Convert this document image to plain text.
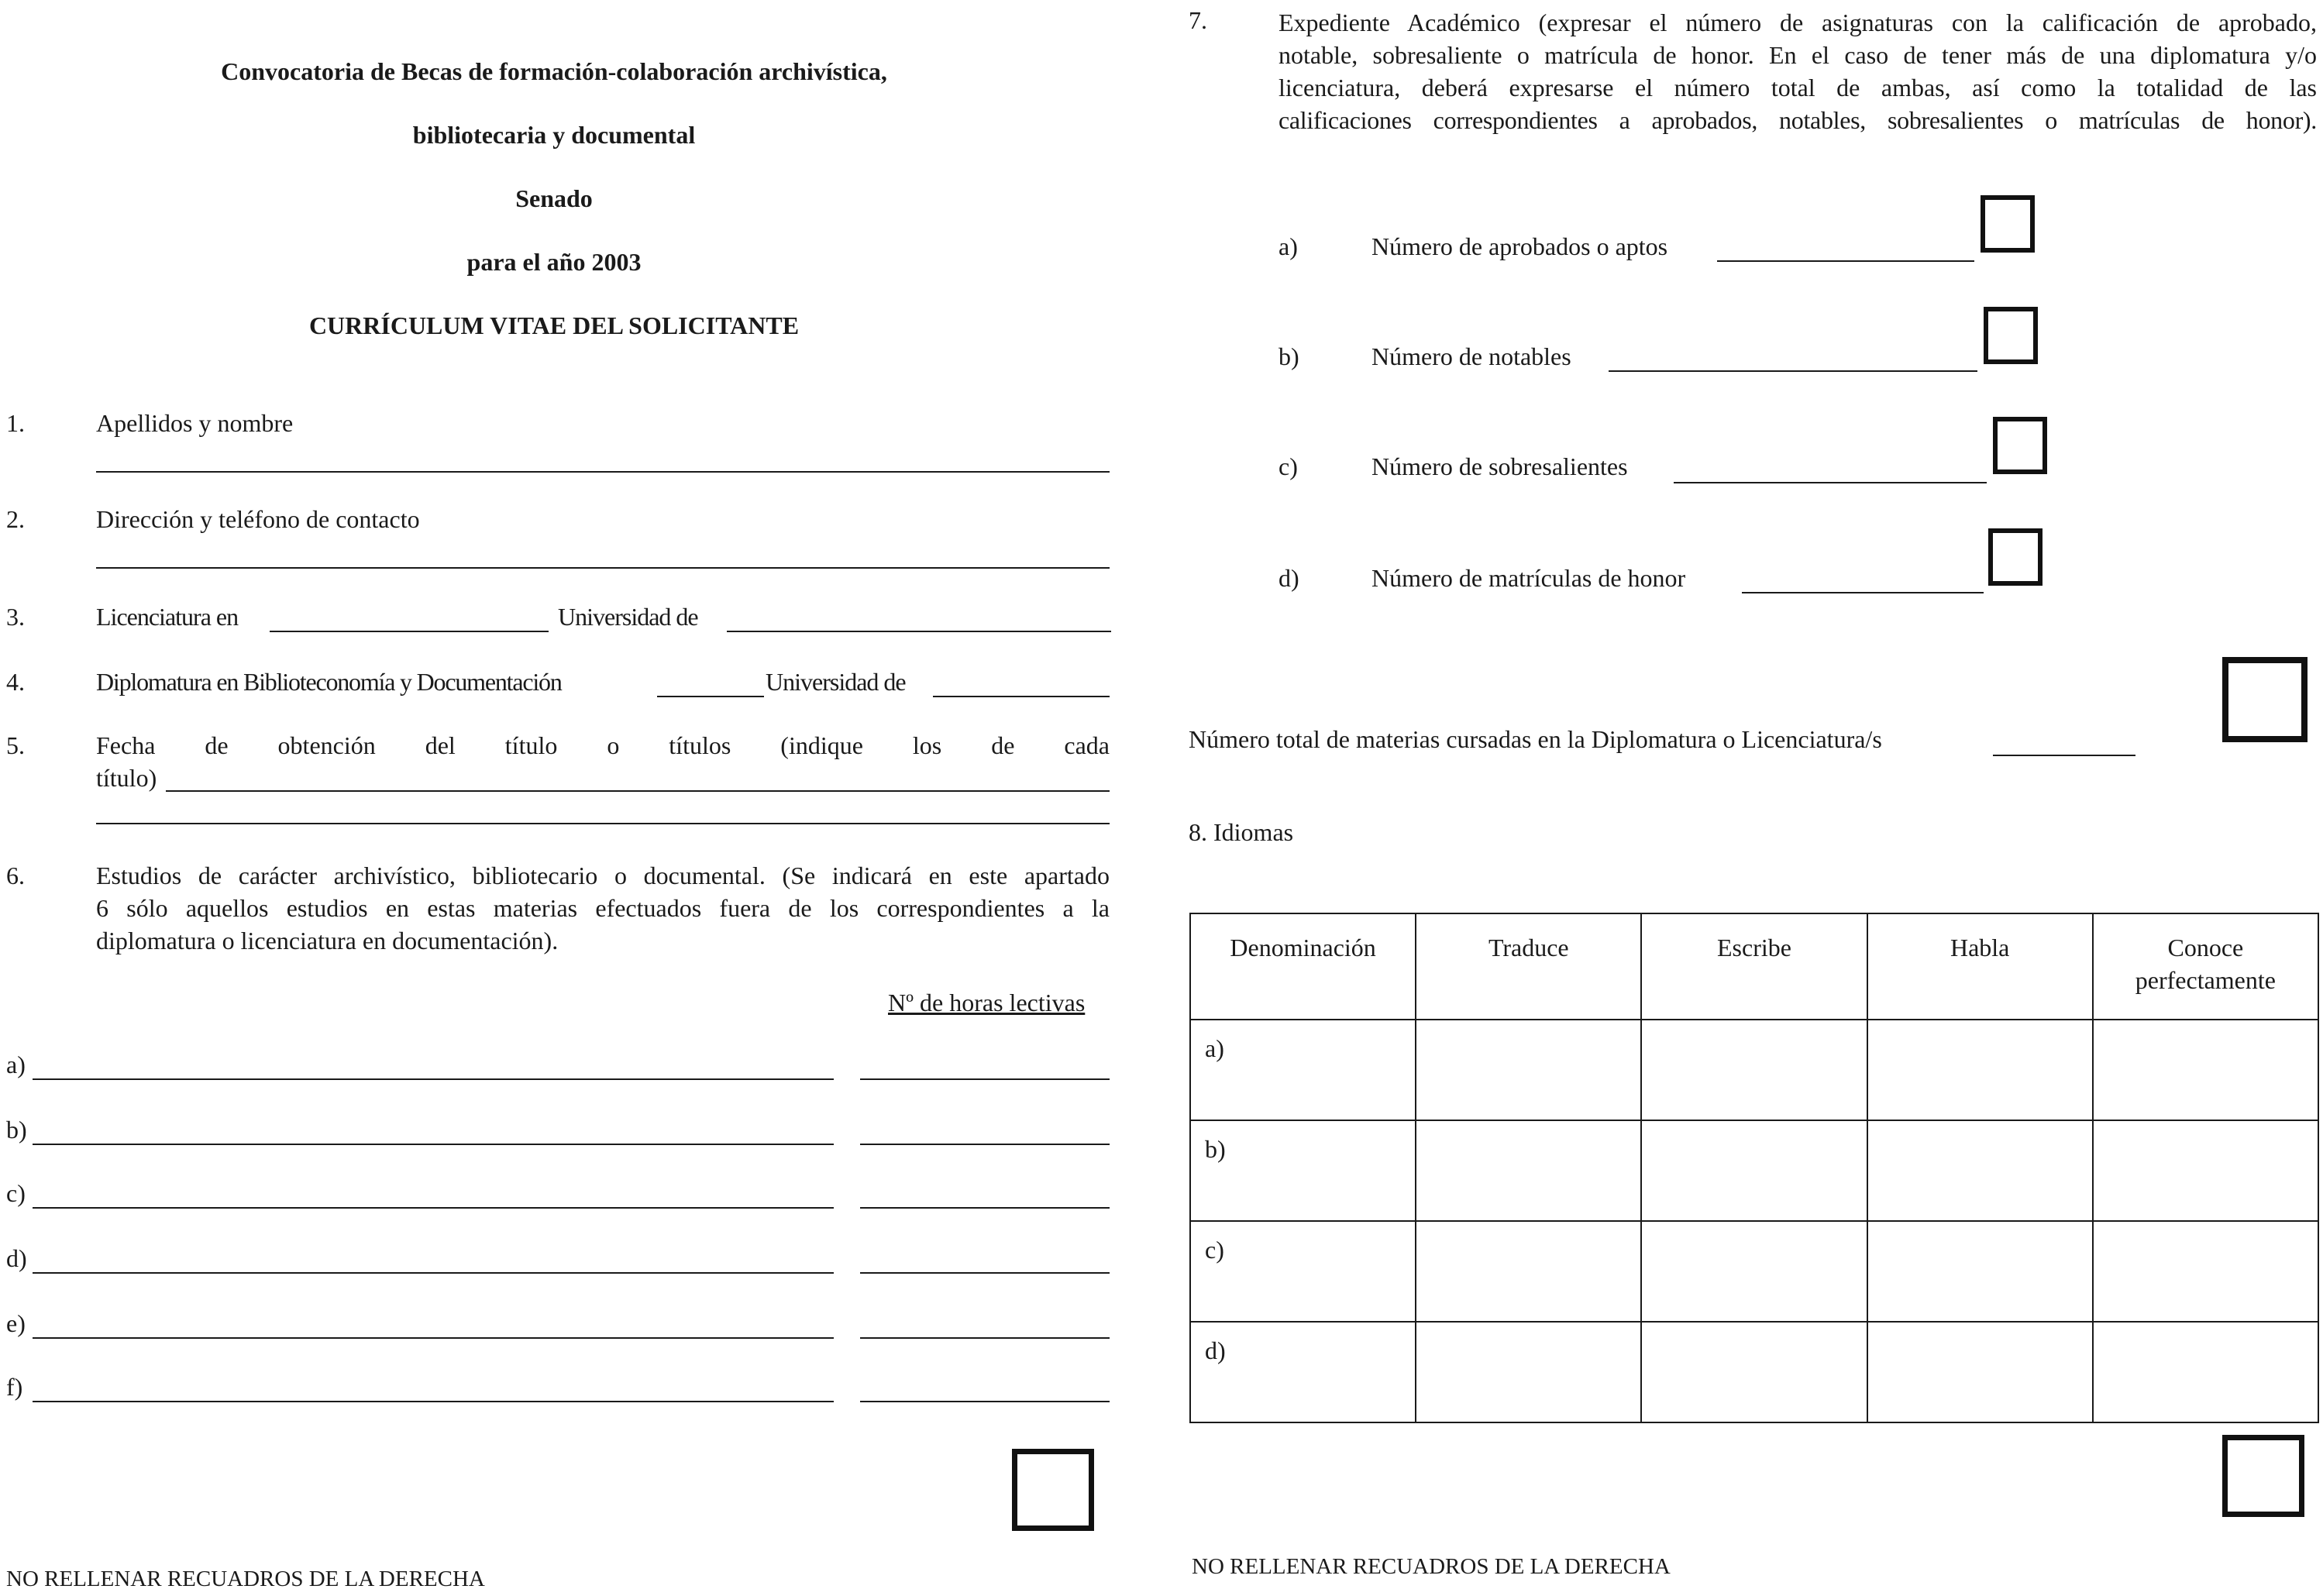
Convocatoria de Becas de formación-colaboración archivística,
bibliotecaria y documental
Senado
para el año 2003
CURRÍCULUM VITAE DEL SOLICITANTE
1.	Apellidos y nombre
2.	Dirección y teléfono de contacto
3.	Licenciatura en	Universidad de
4.	Diplomatura en Biblioteconomía y Documentación	Universidad de
5.	Fecha de obtención del título o títulos (indique los de cada
título)
6.	Estudios de carácter archivístico, bibliotecario o documental. (Se indicará en este apartado
6 sólo aquellos estudios en estas materias efectuados fuera de los correspondientes a la
diplomatura o licenciatura en documentación).
Nº de horas lectivas
a)
b)
c)
d)
e)
f)
NO RELLENAR RECUADROS DE LA DERECHA
7.	Expediente Académico (expresar el número de asignaturas con la calificación de aprobado,
notable, sobresaliente o matrícula de honor. En el caso de tener más de una diplomatura y/o
licenciatura, deberá expresarse el número total de ambas, así como la totalidad de las
calificaciones correspondientes a aprobados, notables, sobresalientes o matrículas de honor).
a)	Número de aprobados o aptos
b)	Número de notables
c)	Número de sobresalientes
d)	Número de matrículas de honor
Número total de materias cursadas en la Diplomatura o Licenciatura/s
8. Idiomas
Denominación	Traduce	Escribe	Habla	Conoce perfectamente
a)				
b)				
c)				
d)				
NO RELLENAR RECUADROS DE LA DERECHA
